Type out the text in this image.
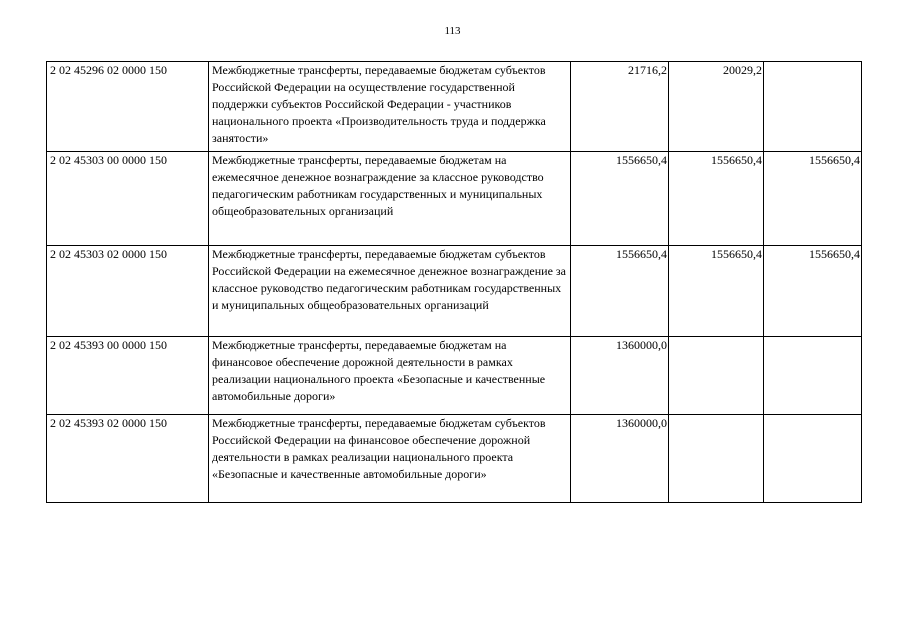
113
2 02 45296 02 0000 150	Межбюджетные трансферты, передаваемые бюджетам субъектов Российской Федерации на осуществление государственной поддержки субъектов Российской Федерации - участников национального проекта «Производительность труда и поддержка занятости»	21716,2	20029,2	
2 02 45303 00 0000 150	Межбюджетные трансферты, передаваемые бюджетам на ежемесячное денежное вознаграждение за классное руководство педагогическим работникам государственных и муниципальных общеобразовательных организаций	1556650,4	1556650,4	1556650,4
2 02 45303 02 0000 150	Межбюджетные трансферты, передаваемые бюджетам субъектов Российской Федерации на ежемесячное денежное вознаграждение за классное руководство педагогическим работникам государственных и муниципальных общеобразовательных организаций	1556650,4	1556650,4	1556650,4
2 02 45393 00 0000 150	Межбюджетные трансферты, передаваемые бюджетам на финансовое обеспечение дорожной деятельности в рамках реализации национального проекта «Безопасные и качественные автомобильные дороги»	1360000,0		
2 02 45393 02 0000 150	Межбюджетные трансферты, передаваемые бюджетам субъектов Российской Федерации на финансовое обеспечение дорожной деятельности в рамках реализации национального проекта «Безопасные и качественные автомобильные дороги»	1360000,0		
